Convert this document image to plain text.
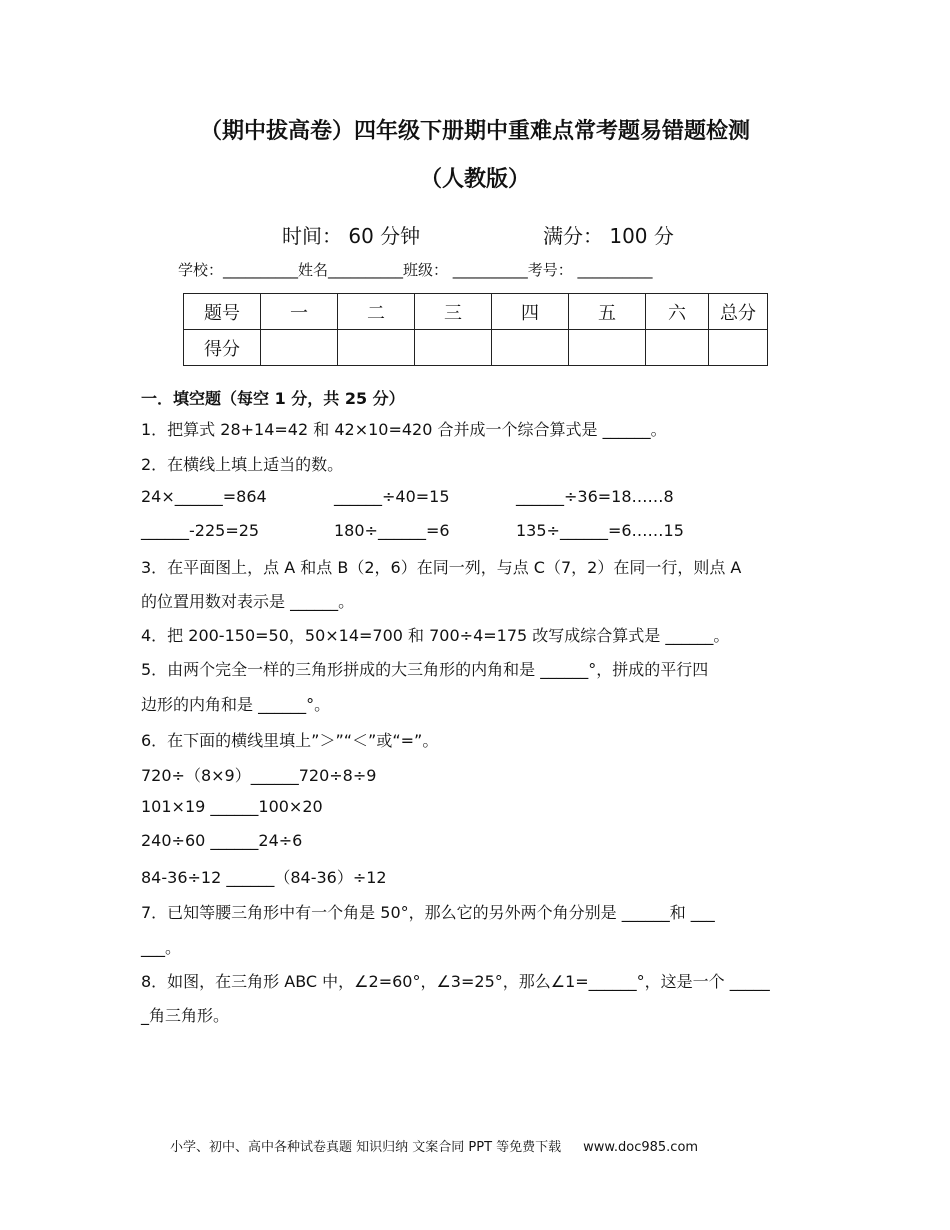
（期中拔高卷）四年级下册期中重难点常考题易错题检测
（人教版）
时间： 60 分钟	满分： 100 分
学校：__________姓名__________班级： __________考号： __________
题号	一	二	三	四	五	六	总分
得分							
一．填空题（每空 1 分，共 25 分）
1．把算式 28+14=42 和 42×10=420 合并成一个综合算式是 ______。
2．在横线上填上适当的数。
24×______=864	______÷40=15	______÷36=18……8
______-225=25	180÷______=6	135÷______=6……15
3．在平面图上，点 A 和点 B（2，6）在同一列，与点 C（7，2）在同一行，则点 A
的位置用数对表示是 ______。
4．把 200-150=50，50×14=700 和 700÷4=175 改写成综合算式是 ______。
5．由两个完全一样的三角形拼成的大三角形的内角和是 ______°，拼成的平行四
边形的内角和是 ______°。
6．在下面的横线里填上”＞”“＜”或“=”。
720÷（8×9）______720÷8÷9
101×19 ______100×20
240÷60 ______24÷6
84-36÷12 ______（84-36）÷12
7．已知等腰三角形中有一个角是 50°，那么它的另外两个角分别是 ______和 ___
___。
8．如图，在三角形 ABC 中，∠2=60°，∠3=25°，那么∠1=______°，这是一个 _____
_角三角形。
小学、初中、高中各种试卷真题 知识归纳 文案合同 PPT 等免费下载 www.doc985.com
